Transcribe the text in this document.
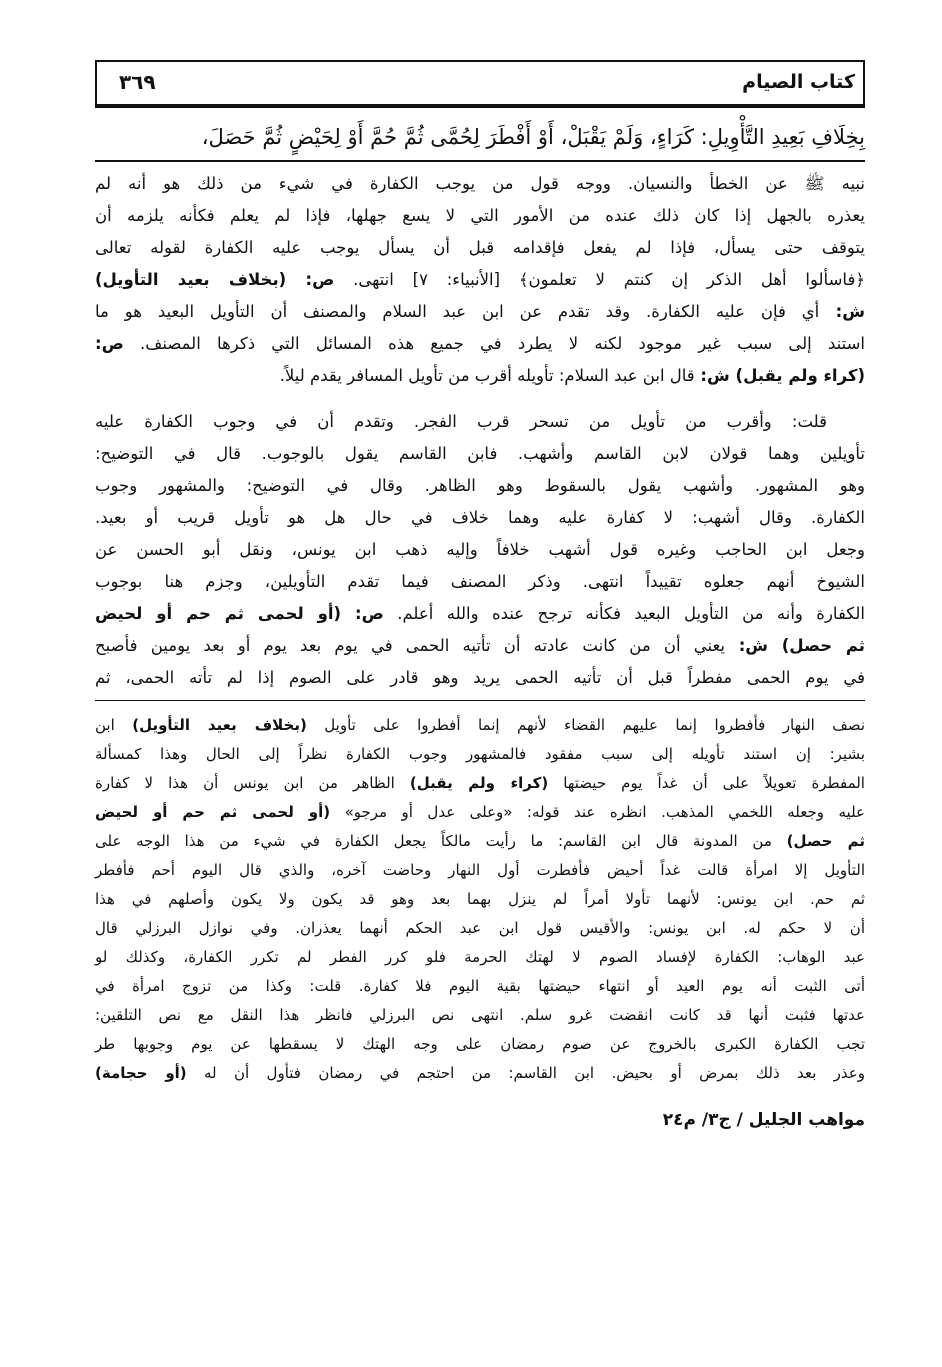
كتاب الصيام
٣٦٩
بِخِلَافِ بَعِيدِ التَّأْوِيلِ: كَرَاءٍ، وَلَمْ يَقْبَلْ، أَوْ أَفْطَرَ لِحُمَّى ثُمَّ حُمَّ أَوْ لِحَيْضٍ ثُمَّ حَصَلَ،
نبيه ﷺ عن الخطأ والنسيان. ووجه قول من يوجب الكفارة في شيء من ذلك هو أنه لم
يعذره بالجهل إذا كان ذلك عنده من الأمور التي لا يسع جهلها، فإذا لم يعلم فكأنه يلزمه أن
يتوقف حتى يسأل، فإذا لم يفعل فإقدامه قبل أن يسأل يوجب عليه الكفارة لقوله تعالى
﴿فاسألوا أهل الذكر إن كنتم لا تعلمون﴾ [الأنبياء: ٧] انتهى. ص: (بخلاف بعيد التأويل)
ش: أي فإن عليه الكفارة. وقد تقدم عن ابن عبد السلام والمصنف أن التأويل البعيد هو ما
استند إلى سبب غير موجود لكنه لا يطرد في جميع هذه المسائل التي ذكرها المصنف. ص:
(كراء ولم يقبل) ش: قال ابن عبد السلام: تأويله أقرب من تأويل المسافر يقدم ليلاً.
قلت: وأقرب من تأويل من تسحر قرب الفجر. وتقدم أن في وجوب الكفارة عليه
تأويلين وهما قولان لابن القاسم وأشهب. فابن القاسم يقول بالوجوب. قال في التوضيح:
وهو المشهور. وأشهب يقول بالسقوط وهو الظاهر. وقال في التوضيح: والمشهور وجوب
الكفارة. وقال أشهب: لا كفارة عليه وهما خلاف في حال هل هو تأويل قريب أو بعيد.
وجعل ابن الحاجب وغيره قول أشهب خلافاً وإليه ذهب ابن يونس، ونقل أبو الحسن عن
الشيوخ أنهم جعلوه تقييداً انتهى. وذكر المصنف فيما تقدم التأويلين، وجزم هنا بوجوب
الكفارة وأنه من التأويل البعيد فكأنه ترجح عنده والله أعلم. ص: (أو لحمى ثم حم أو لحيض
ثم حصل) ش: يعني أن من كانت عادته أن تأتيه الحمى في يوم بعد يوم أو بعد يومين فأصبح
في يوم الحمى مفطراً قبل أن تأتيه الحمى يريد وهو قادر على الصوم إذا لم تأته الحمى، ثم
نصف النهار فأفطروا إنما عليهم القضاء لأنهم إنما أفطروا على تأويل (بخلاف بعيد التأويل) ابن
بشير: إن استند تأويله إلى سبب مفقود فالمشهور وجوب الكفارة نظراً إلى الحال وهذا كمسألة
المفطرة تعويلاً على أن غداً يوم حيضتها (كراء ولم يقبل) الظاهر من ابن يونس أن هذا لا كفارة
عليه وجعله اللخمي المذهب. انظره عند قوله: «وعلى عدل أو مرجو» (أو لحمى ثم حم أو لحيض
ثم حصل) من المدونة قال ابن القاسم: ما رأيت مالكاً يجعل الكفارة في شيء من هذا الوجه على
التأويل إلا امرأة قالت غداً أحيض فأفطرت أول النهار وحاضت آخره، والذي قال اليوم أحم فأفطر
ثم حم. ابن يونس: لأنهما تأولا أمراً لم ينزل بهما بعد وهو قد يكون ولا يكون وأصلهم في هذا
أن لا حكم له. ابن يونس: والأقيس قول ابن عبد الحكم أنهما يعذران. وفي نوازل البرزلي قال
عبد الوهاب: الكفارة لإفساد الصوم لا لهتك الحرمة فلو كرر الفطر لم تكرر الكفارة، وكذلك لو
أتى الثبت أنه يوم العيد أو انتهاء حيضتها بقية اليوم فلا كفارة. قلت: وكذا من تزوج امرأة في
عدتها فثبت أنها قد كانت انقضت غرو سلم. انتهى نص البرزلي فانظر هذا النقل مع نص التلقين:
تجب الكفارة الكبرى بالخروج عن صوم رمضان على وجه الهتك لا يسقطها عن يوم وجوبها طر
وعذر بعد ذلك بمرض أو بحيض. ابن القاسم: من احتجم في رمضان فتأول أن له (أو حجامة)
مواهب الجليل / ج٣/ م٢٤
